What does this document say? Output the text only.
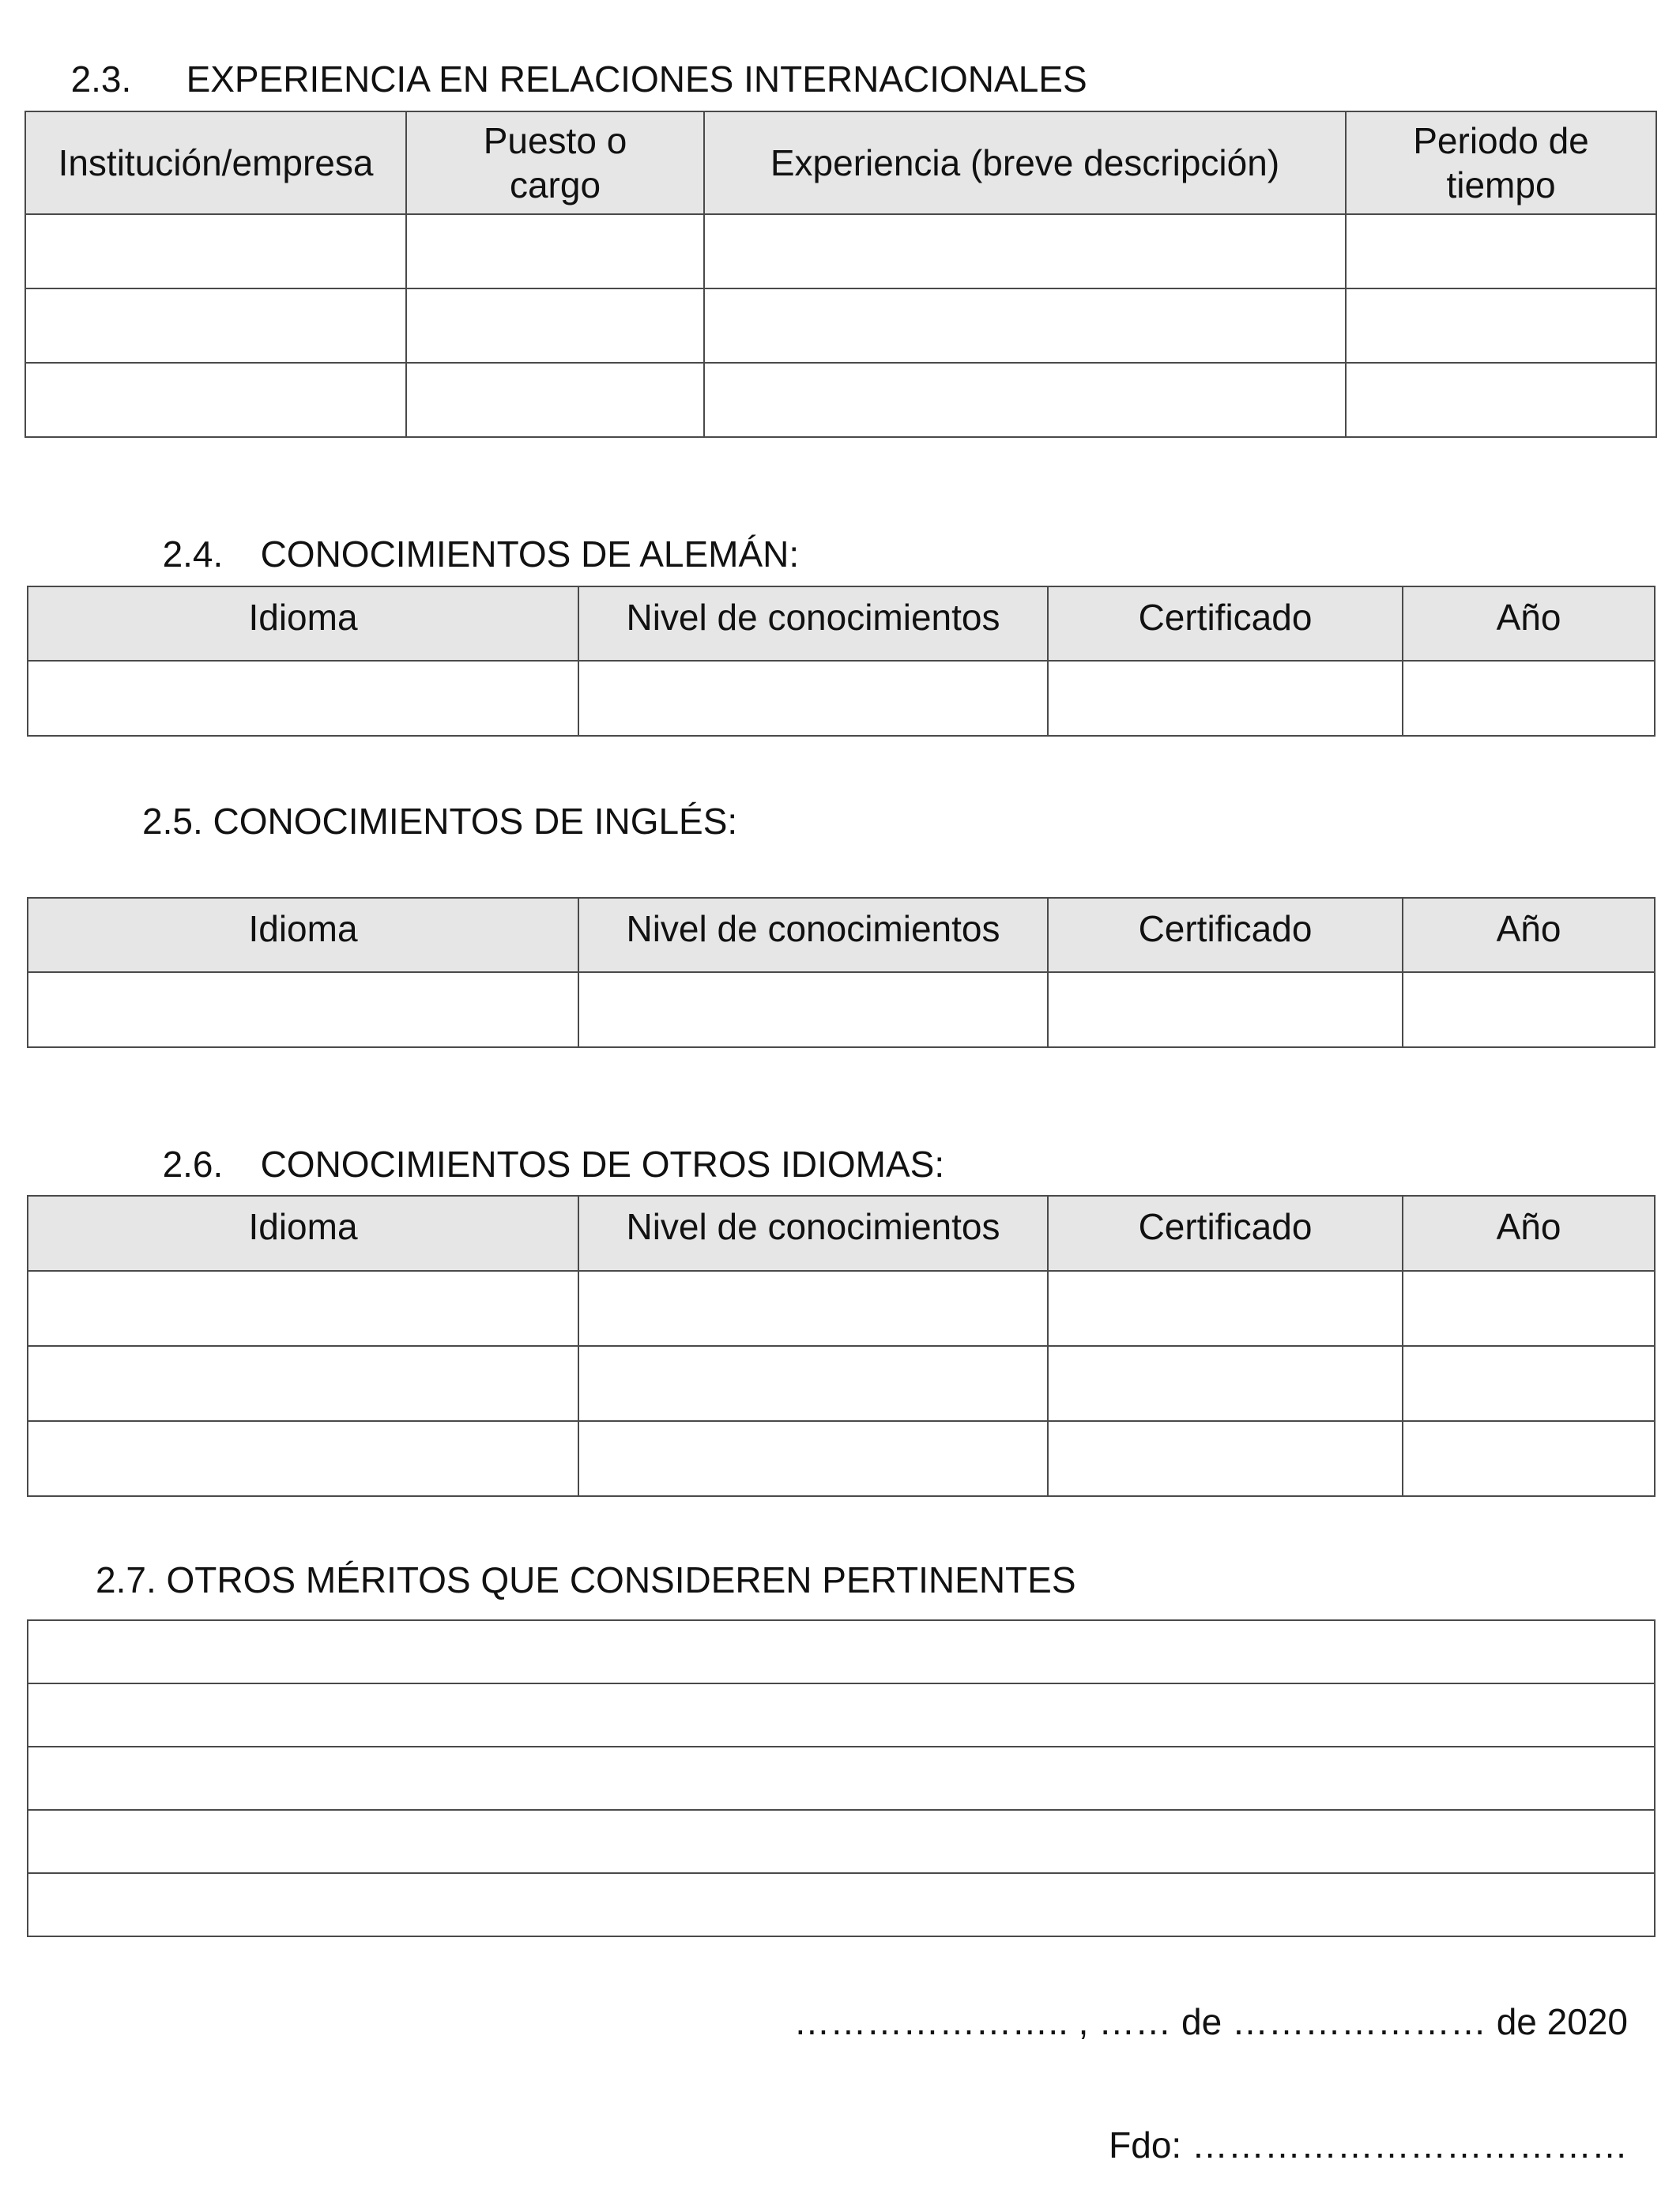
2.3. EXPERIENCIA EN RELACIONES INTERNACIONALES

Institución/empresa	Puesto o cargo	Experiencia (breve descripción)	Periodo de tiempo

2.4. CONOCIMIENTOS DE ALEMÁN:

Idioma	Nivel de conocimientos	Certificado	Año

2.5. CONOCIMIENTOS DE INGLÉS:
Idioma	Nivel de conocimientos	Certificado	Año

2.6. CONOCIMIENTOS DE OTROS IDIOMAS:

Idioma	Nivel de conocimientos	Certificado	Año

2.7. OTROS MÉRITOS QUE CONSIDEREN PERTINENTES

………………….. , …… de ………………… de 2020
Fdo: ………………………………
